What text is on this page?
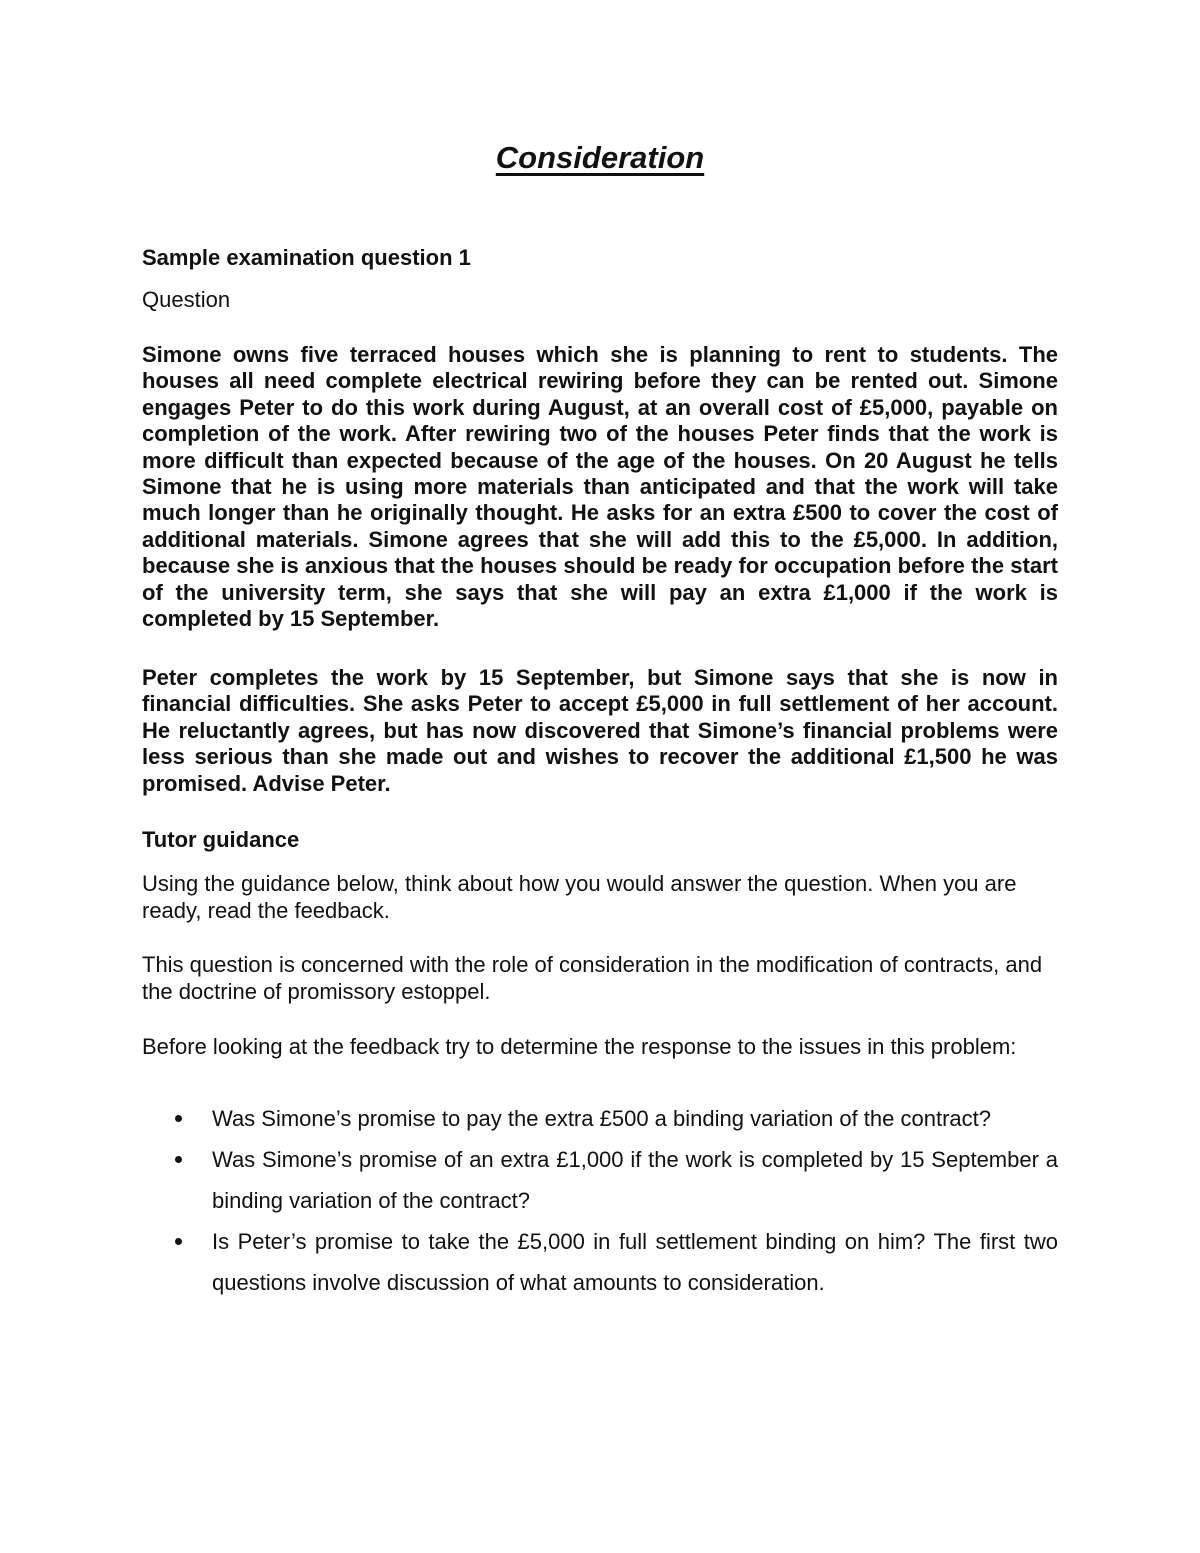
Consideration
Sample examination question 1
Question

Simone owns five terraced houses which she is planning to rent to students. The houses all need complete electrical rewiring before they can be rented out. Simone engages Peter to do this work during August, at an overall cost of £5,000, payable on completion of the work. After rewiring two of the houses Peter finds that the work is more difficult than expected because of the age of the houses. On 20 August he tells Simone that he is using more materials than anticipated and that the work will take much longer than he originally thought. He asks for an extra £500 to cover the cost of additional materials. Simone agrees that she will add this to the £5,000. In addition, because she is anxious that the houses should be ready for occupation before the start of the university term, she says that she will pay an extra £1,000 if the work is completed by 15 September.

Peter completes the work by 15 September, but Simone says that she is now in financial difficulties. She asks Peter to accept £5,000 in full settlement of her account. He reluctantly agrees, but has now discovered that Simone’s financial problems were less serious than she made out and wishes to recover the additional £1,500 he was promised. Advise Peter.

Tutor guidance

Using the guidance below, think about how you would answer the question. When you are ready, read the feedback.

This question is concerned with the role of consideration in the modification of contracts, and the doctrine of promissory estoppel.

Before looking at the feedback try to determine the response to the issues in this problem:

Was Simone’s promise to pay the extra £500 a binding variation of the contract?
Was Simone’s promise of an extra £1,000 if the work is completed by 15 September a binding variation of the contract?
Is Peter’s promise to take the £5,000 in full settlement binding on him? The first two questions involve discussion of what amounts to consideration.
